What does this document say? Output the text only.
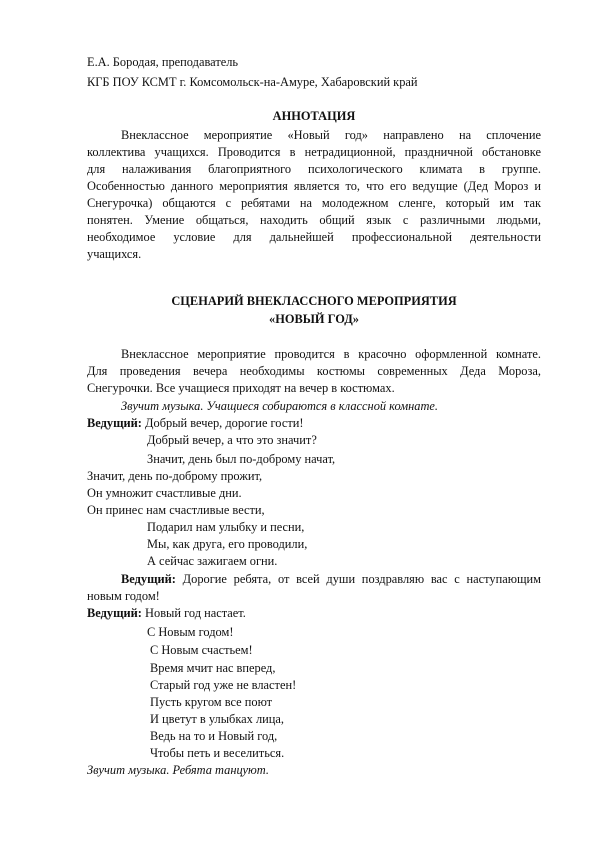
Е.А. Бородая, преподаватель
КГБ ПОУ КСМТ г. Комсомольск-на-Амуре, Хабаровский край
АННОТАЦИЯ
Внеклассное мероприятие «Новый год» направлено на сплочение
коллектива учащихся. Проводится в нетрадиционной, праздничной обстановке
для налаживания благоприятного психологического климата в группе.
Особенностью данного мероприятия является то, что его ведущие (Дед Мороз и
Снегурочка) общаются с ребятами на молодежном сленге, который им так
понятен. Умение общаться, находить общий язык с различными людьми,
необходимое условие для дальнейшей профессиональной деятельности
учащихся.
СЦЕНАРИЙ ВНЕКЛАССНОГО МЕРОПРИЯТИЯ
«НОВЫЙ ГОД»
Внеклассное мероприятие проводится в красочно оформленной комнате.
Для проведения вечера необходимы костюмы современных Деда Мороза,
Снегурочки. Все учащиеся приходят на вечер в костюмах.
Звучит музыка. Учащиеся собираются в классной комнате.
Ведущий: Добрый вечер, дорогие гости!
Добрый вечер, а что это значит?
Значит, день был по-доброму начат,
Значит, день по-доброму прожит,
Он умножит счастливые дни.
Он принес нам счастливые вести,
Подарил нам улыбку и песни,
Мы, как друга, его проводили,
А сейчас зажигаем огни.
Ведущий: Дорогие ребята, от всей души поздравляю вас с наступающим
новым годом!
Ведущий: Новый год настает.
С Новым годом!
С Новым счастьем!
Время мчит нас вперед,
Старый год уже не властен!
Пусть кругом все поют
И цветут в улыбках лица,
Ведь на то и Новый год,
Чтобы петь и веселиться.
Звучит музыка. Ребята танцуют.
